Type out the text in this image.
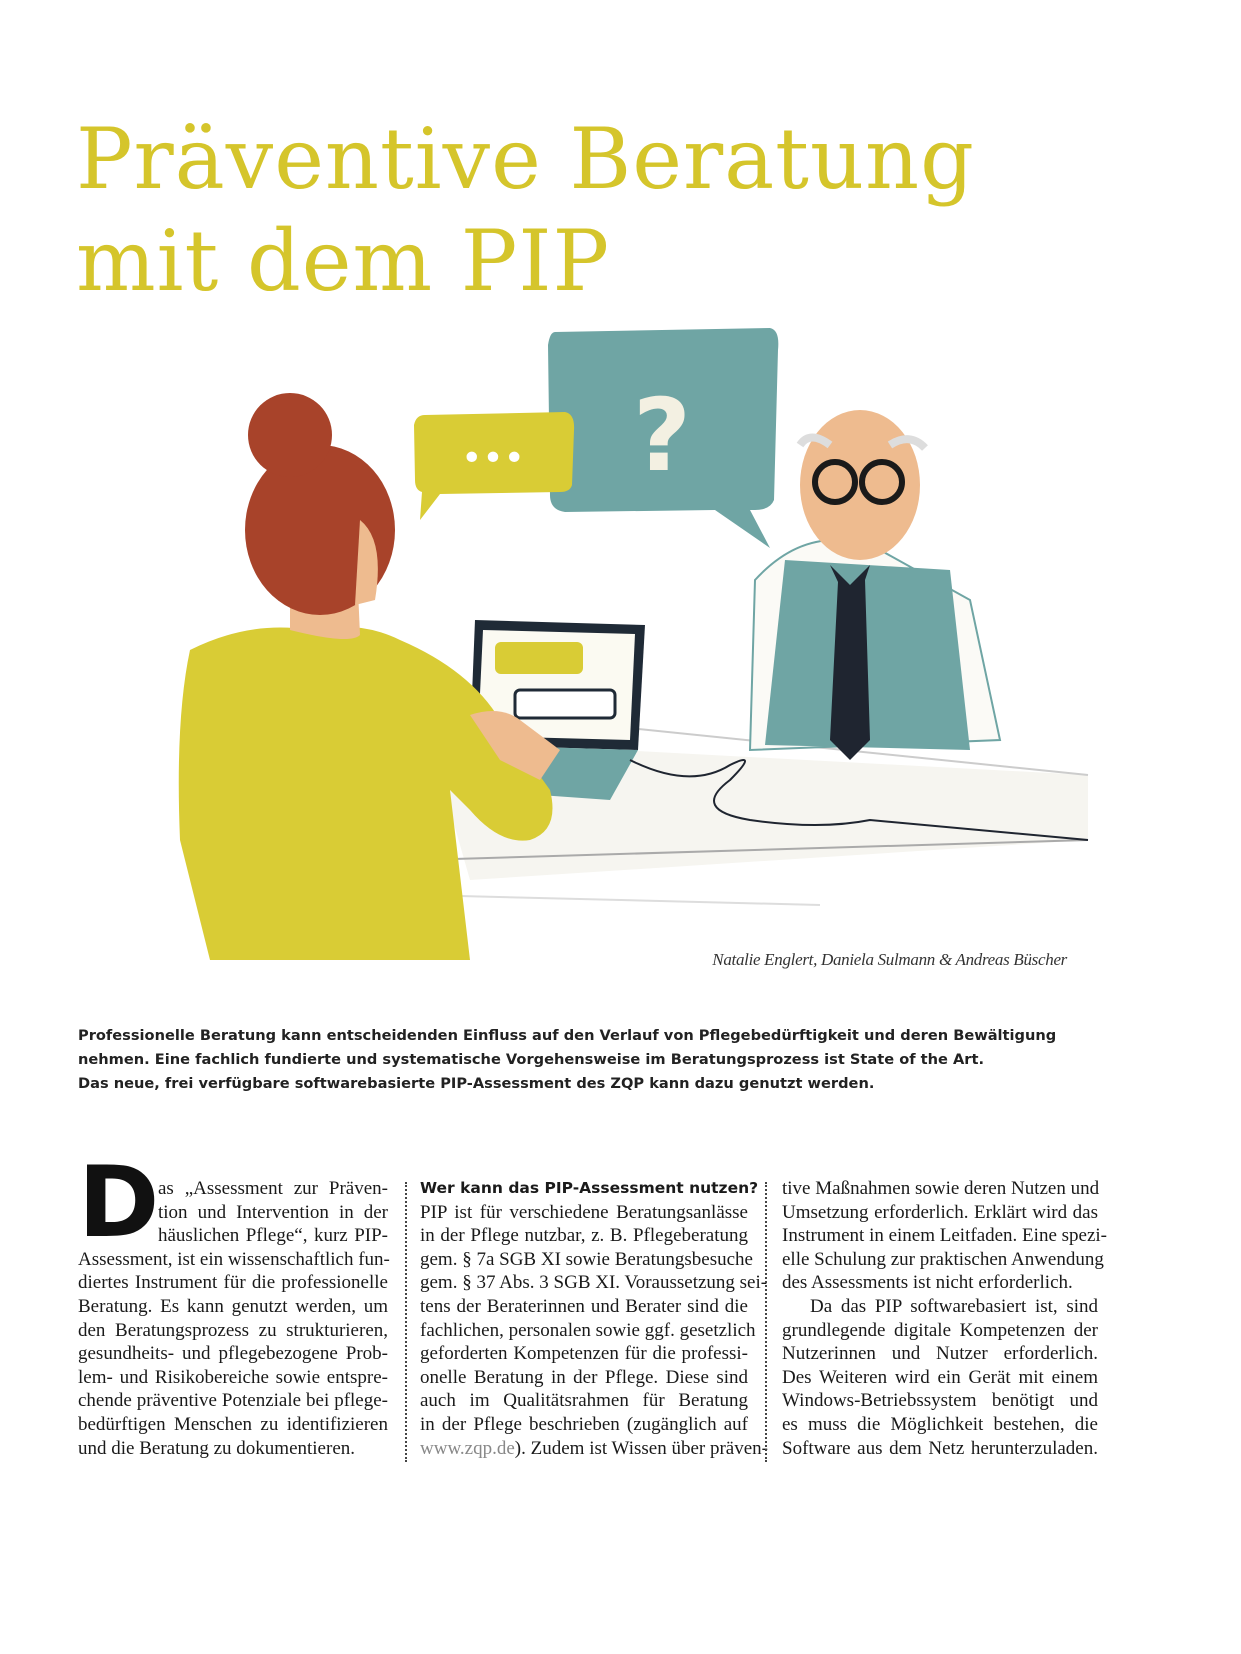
Präventive Beratung
mit dem PIP
?
•••
Natalie Englert, Daniela Sulmann & Andreas Büscher
Professionelle Beratung kann entscheidenden Einfluss auf den Verlauf von Pflegebedürftigkeit und deren Bewältigung
nehmen. Eine fachlich fundierte und systematische Vorgehensweise im Beratungsprozess ist State of the Art.
Das neue, frei verfügbare softwarebasierte PIP-Assessment des ZQP kann dazu genutzt werden.
D
as „Assessment zur Präven-
tion und Intervention in der
häuslichen Pflege“, kurz PIP-
Assessment, ist ein wissenschaftlich fun-
diertes Instrument für die professionelle
Beratung. Es kann genutzt werden, um
den Beratungsprozess zu strukturieren,
gesundheits- und pflegebezogene Prob-
lem- und Risikobereiche sowie entspre-
chende präventive Potenziale bei pflege-
bedürftigen Menschen zu identifizieren
und die Beratung zu dokumentieren.
Wer kann das PIP-Assessment nutzen?
PIP ist für verschiedene Beratungsanlässe
in der Pflege nutzbar, z. B. Pflegeberatung
gem. § 7a SGB XI sowie Beratungsbesuche
gem. § 37 Abs. 3 SGB XI. Voraussetzung sei-
tens der Beraterinnen und Berater sind die
fachlichen, personalen sowie ggf. gesetzlich
geforderten Kompetenzen für die professi-
onelle Beratung in der Pflege. Diese sind
auch im Qualitätsrahmen für Beratung
in der Pflege beschrieben (zugänglich auf
www.zqp.de). Zudem ist Wissen über präven-
tive Maßnahmen sowie deren Nutzen und
Umsetzung erforderlich. Erklärt wird das
Instrument in einem Leitfaden. Eine spezi-
elle Schulung zur praktischen Anwendung
des Assessments ist nicht erforderlich.
Da das PIP softwarebasiert ist, sind
grundlegende digitale Kompetenzen der
Nutzerinnen und Nutzer erforderlich.
Des Weiteren wird ein Gerät mit einem
Windows-Betriebssystem benötigt und
es muss die Möglichkeit bestehen, die
Software aus dem Netz herunterzuladen.
